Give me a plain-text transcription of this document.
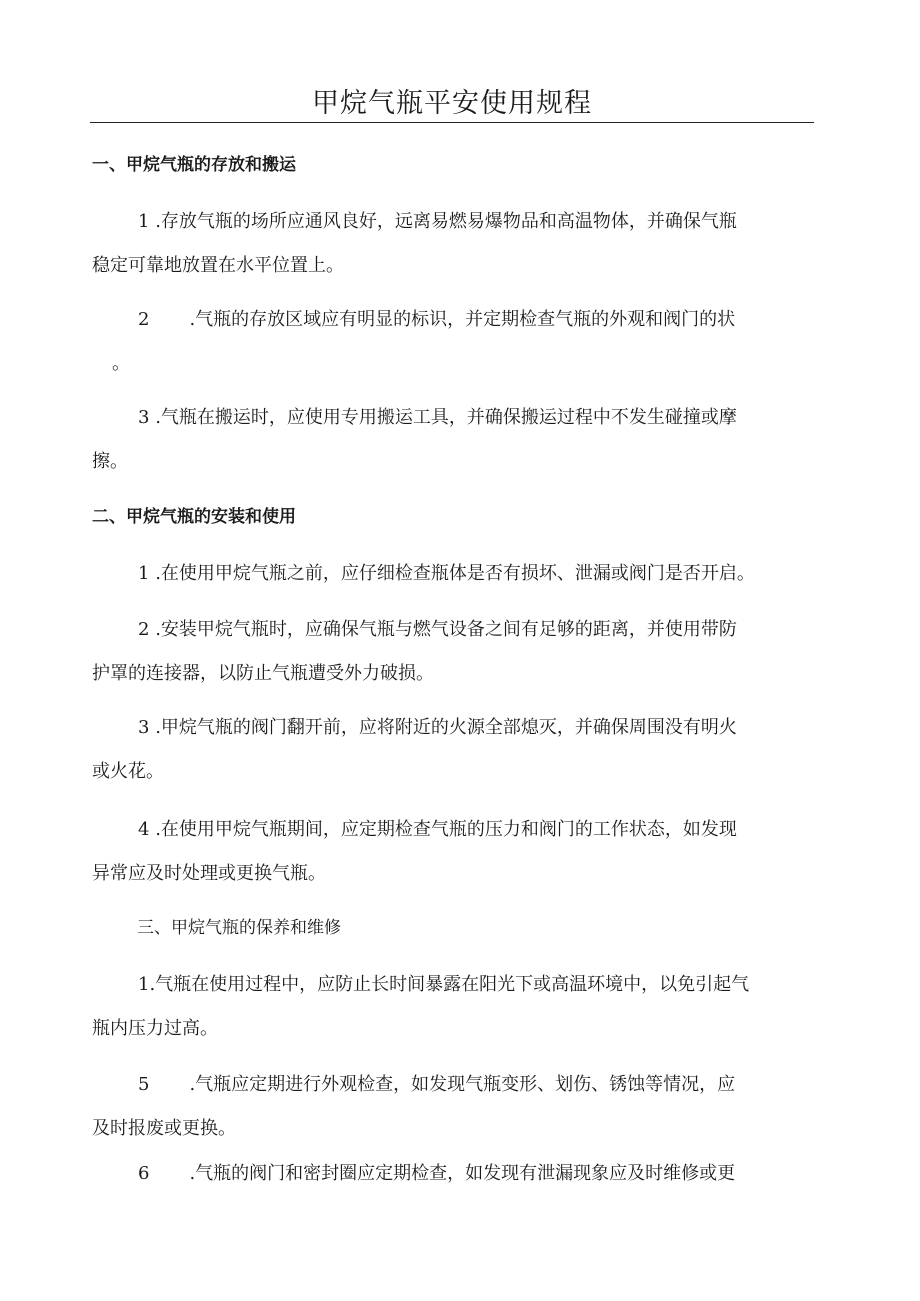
甲烷气瓶平安使用规程
一、甲烷气瓶的存放和搬运
1 .存放气瓶的场所应通风良好，远离易燃易爆物品和高温物体，并确保气瓶
稳定可靠地放置在水平位置上。
2 .气瓶的存放区域应有明显的标识，并定期检查气瓶的外观和阀门的状
。
3 .气瓶在搬运时，应使用专用搬运工具，并确保搬运过程中不发生碰撞或摩
擦。
二、甲烷气瓶的安装和使用
1 .在使用甲烷气瓶之前，应仔细检查瓶体是否有损坏、泄漏或阀门是否开启。
2 .安装甲烷气瓶时，应确保气瓶与燃气设备之间有足够的距离，并使用带防
护罩的连接器，以防止气瓶遭受外力破损。
3 .甲烷气瓶的阀门翻开前，应将附近的火源全部熄灭，并确保周围没有明火
或火花。
4 .在使用甲烷气瓶期间，应定期检查气瓶的压力和阀门的工作状态，如发现
异常应及时处理或更换气瓶。
三、甲烷气瓶的保养和维修
1.气瓶在使用过程中，应防止长时间暴露在阳光下或高温环境中，以免引起气
瓶内压力过高。
5 .气瓶应定期进行外观检查，如发现气瓶变形、划伤、锈蚀等情况，应
及时报废或更换。
6 .气瓶的阀门和密封圈应定期检查，如发现有泄漏现象应及时维修或更
